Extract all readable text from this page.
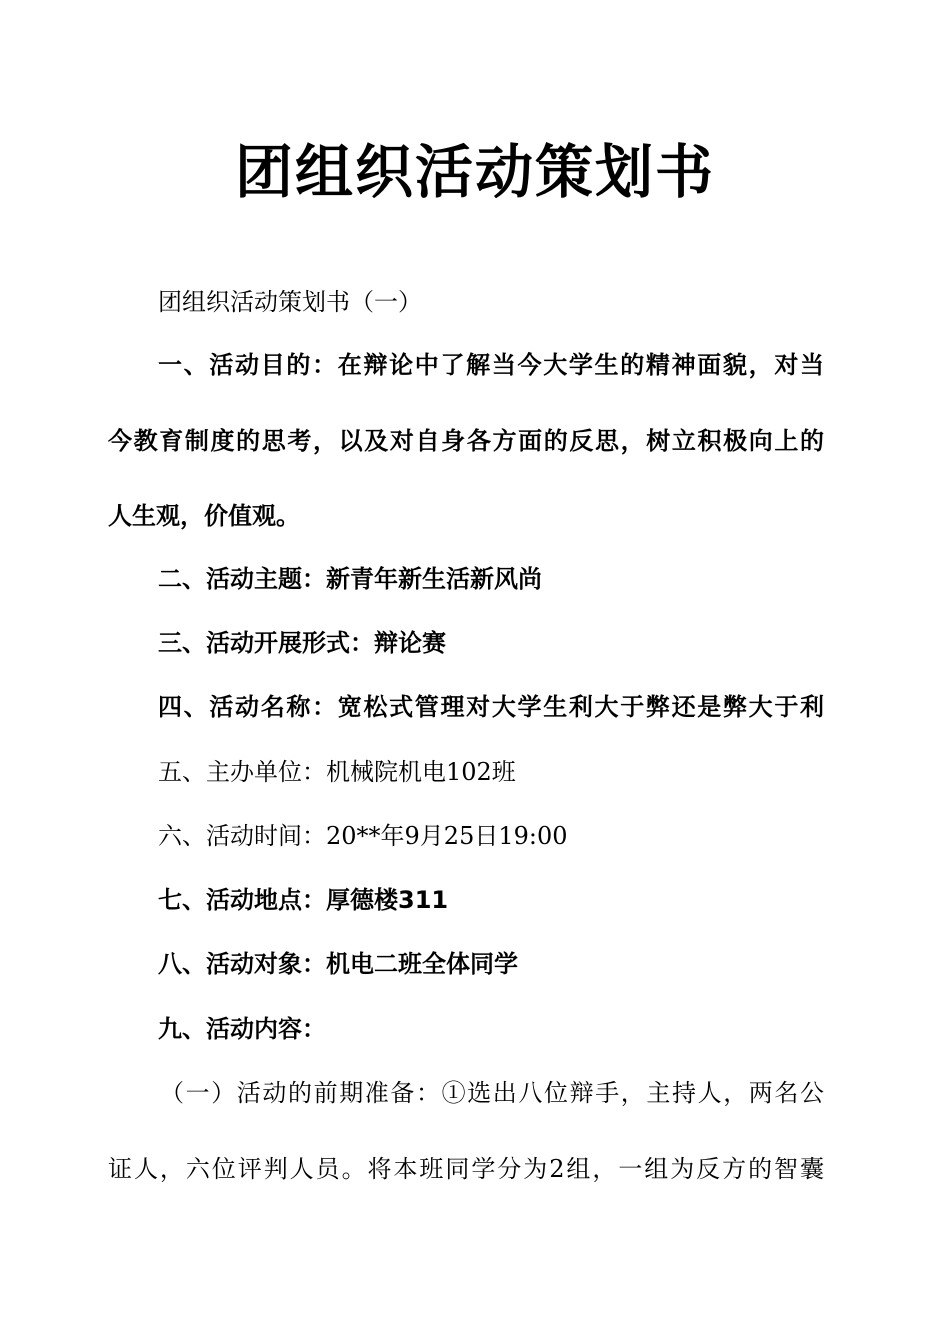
团组织活动策划书

团组织活动策划书（一）

一、活动目的：在辩论中了解当今大学生的精神面貌，对当

今教育制度的思考，以及对自身各方面的反思，树立积极向上的

人生观，价值观。

二、活动主题：新青年新生活新风尚

三、活动开展形式：辩论赛

四、活动名称：宽松式管理对大学生利大于弊还是弊大于利

五、主办单位：机械院机电102班

六、活动时间：20**年9月25日19:00

七、活动地点：厚德楼311

八、活动对象：机电二班全体同学

九、活动内容：

（一）活动的前期准备：①选出八位辩手，主持人，两名公

证人，六位评判人员。将本班同学分为2组，一组为反方的智囊
